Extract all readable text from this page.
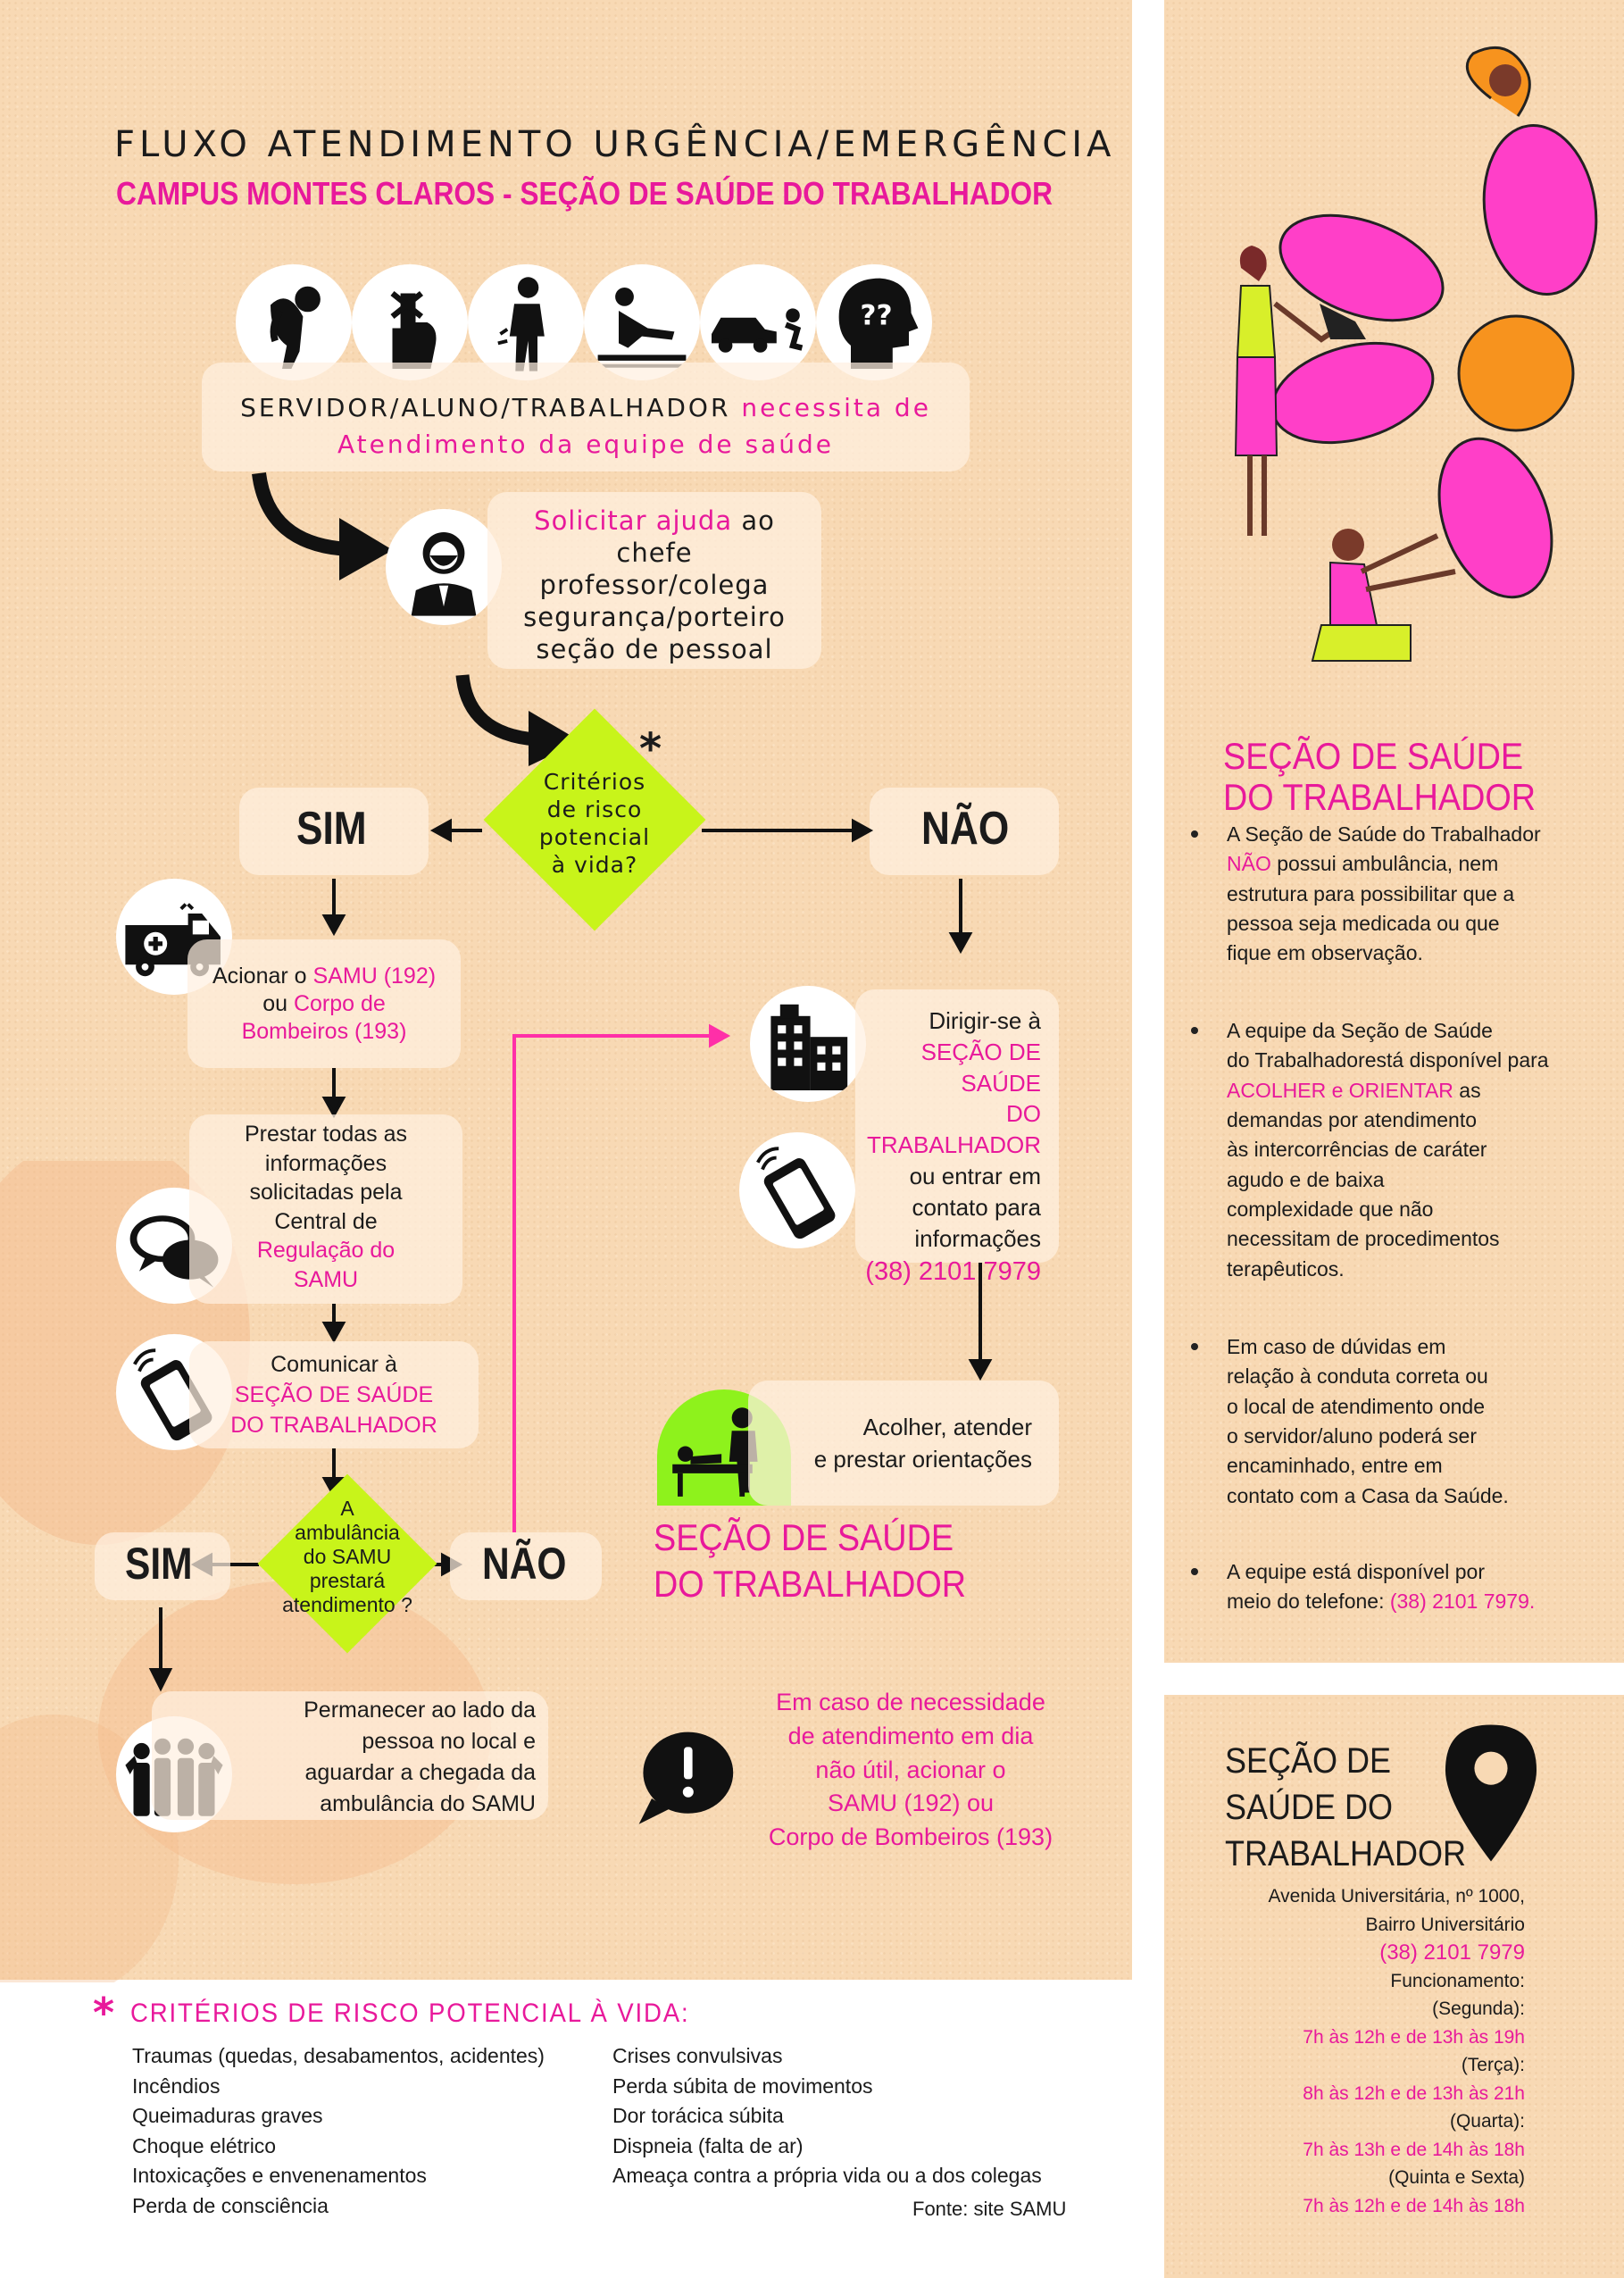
FLUXO ATENDIMENTO URGÊNCIA/EMERGÊNCIA
CAMPUS MONTES CLAROS - SEÇÃO DE SAÚDE DO TRABALHADOR
??
SERVIDOR/ALUNO/TRABALHADOR necessita de
Atendimento da equipe de saúde
Solicitar ajuda ao
chefe
professor/colega
segurança/porteiro
seção de pessoal
Critérios
de risco
potencial
à vida?
*
SIM	NÃO
Acionar o SAMU (192)
ou Corpo de
Bombeiros (193)
Prestar todas as
informações
solicitadas pela
Central de
Regulação do
SAMU
Comunicar à
SEÇÃO DE SAÚDE
DO TRABALHADOR
A
ambulância
do SAMU
prestará
atendimento ?
SIM	NÃO
Permanecer ao lado da
pessoa no local e
aguardar a chegada da
ambulância do SAMU
Dirigir-se à
SEÇÃO DE SAÚDE
DO TRABALHADOR
ou entrar em
contato para
informações
(38) 2101 7979
Acolher, atender
e prestar orientações
SEÇÃO DE SAÚDE
DO TRABALHADOR
Em caso de necessidade
de atendimento em dia
não útil, acionar o
SAMU (192) ou
Corpo de Bombeiros (193)
* CRITÉRIOS DE RISCO POTENCIAL À VIDA:
Traumas (quedas, desabamentos, acidentes)
Incêndios
Queimaduras graves
Choque elétrico
Intoxicações e envenenamentos
Perda de consciência
Crises convulsivas
Perda súbita de movimentos
Dor torácica súbita
Dispneia (falta de ar)
Ameaça contra a própria vida ou a dos colegas
Fonte: site SAMU
SEÇÃO DE SAÚDE
DO TRABALHADOR
A Seção de Saúde do Trabalhador
NÃO possui ambulância, nem
estrutura para possibilitar que a
pessoa seja medicada ou que
fique em observação.
A equipe da Seção de Saúde
do Trabalhadorestá disponível para
ACOLHER e ORIENTAR as
demandas por atendimento
às intercorrências de caráter
agudo e de baixa
complexidade que não
necessitam de procedimentos
terapêuticos.
Em caso de dúvidas em
relação à conduta correta ou
o local de atendimento onde
o servidor/aluno poderá ser
encaminhado, entre em
contato com a Casa da Saúde.
A equipe está disponível por
meio do telefone: (38) 2101 7979.
SEÇÃO DE
SAÚDE DO
TRABALHADOR
Avenida Universitária, nº 1000,
Bairro Universitário
(38) 2101 7979
Funcionamento:
(Segunda):
7h às 12h e de 13h às 19h
(Terça):
8h às 12h e de 13h às 21h
(Quarta):
7h às 13h e de 14h às 18h
(Quinta e Sexta)
7h às 12h e de 14h às 18h
